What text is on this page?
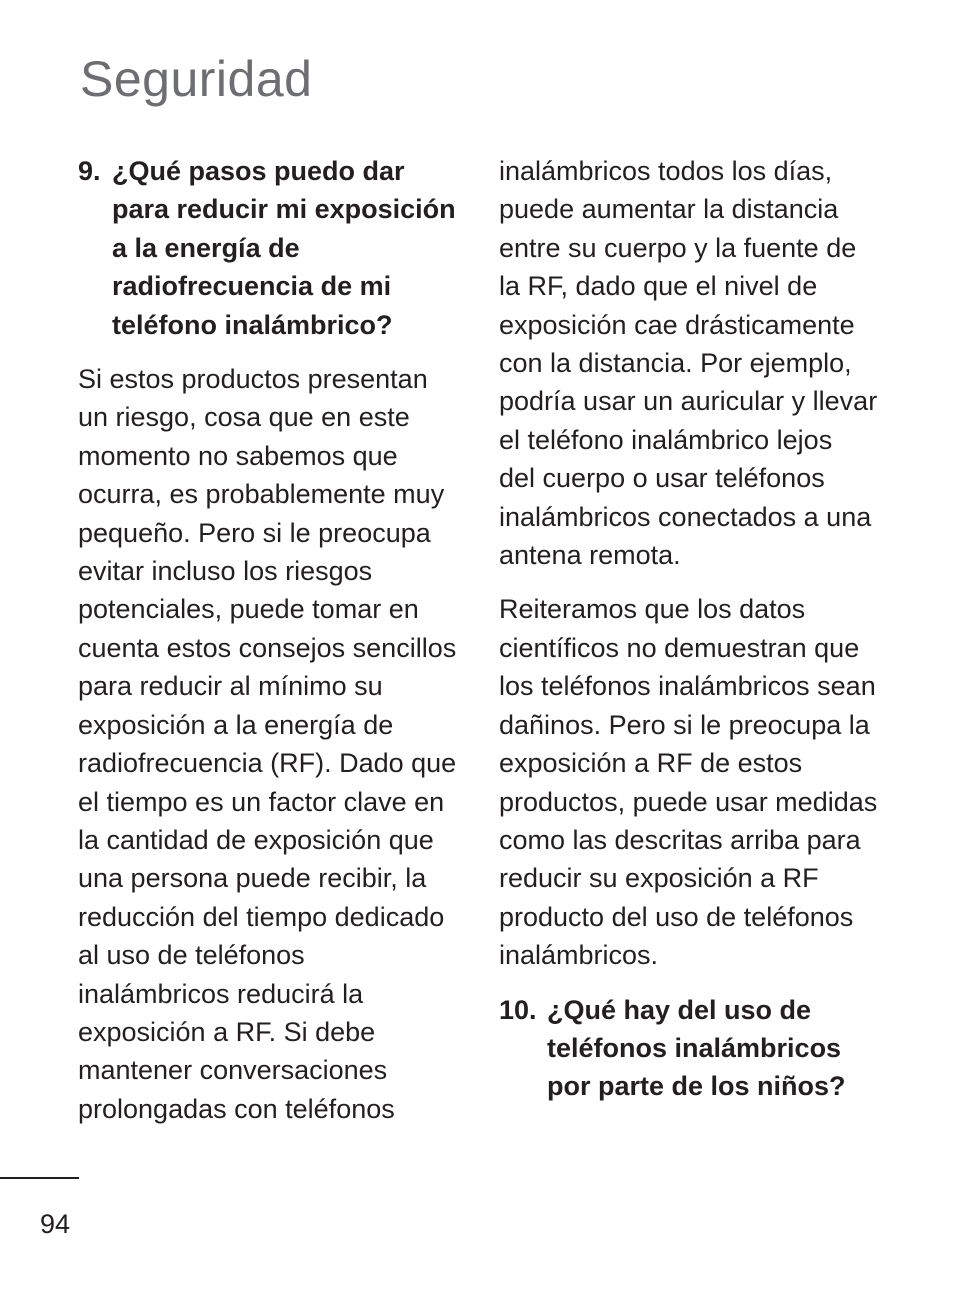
Seguridad
9. ¿Qué pasos puedo dar
para reducir mi exposición
a la energía de
radiofrecuencia de mi
teléfono inalámbrico?
Si estos productos presentan
un riesgo, cosa que en este
momento no sabemos que
ocurra, es probablemente muy
pequeño. Pero si le preocupa
evitar incluso los riesgos
potenciales, puede tomar en
cuenta estos consejos sencillos
para reducir al mínimo su
exposición a la energía de
radiofrecuencia (RF). Dado que
el tiempo es un factor clave en
la cantidad de exposición que
una persona puede recibir, la
reducción del tiempo dedicado
al uso de teléfonos
inalámbricos reducirá la
exposición a RF. Si debe
mantener conversaciones
prolongadas con teléfonos
inalámbricos todos los días,
puede aumentar la distancia
entre su cuerpo y la fuente de
la RF, dado que el nivel de
exposición cae drásticamente
con la distancia. Por ejemplo,
podría usar un auricular y llevar
el teléfono inalámbrico lejos
del cuerpo o usar teléfonos
inalámbricos conectados a una
antena remota.
Reiteramos que los datos
científicos no demuestran que
los teléfonos inalámbricos sean
dañinos. Pero si le preocupa la
exposición a RF de estos
productos, puede usar medidas
como las descritas arriba para
reducir su exposición a RF
producto del uso de teléfonos
inalámbricos.
10. ¿Qué hay del uso de
teléfonos inalámbricos
por parte de los niños?
94
